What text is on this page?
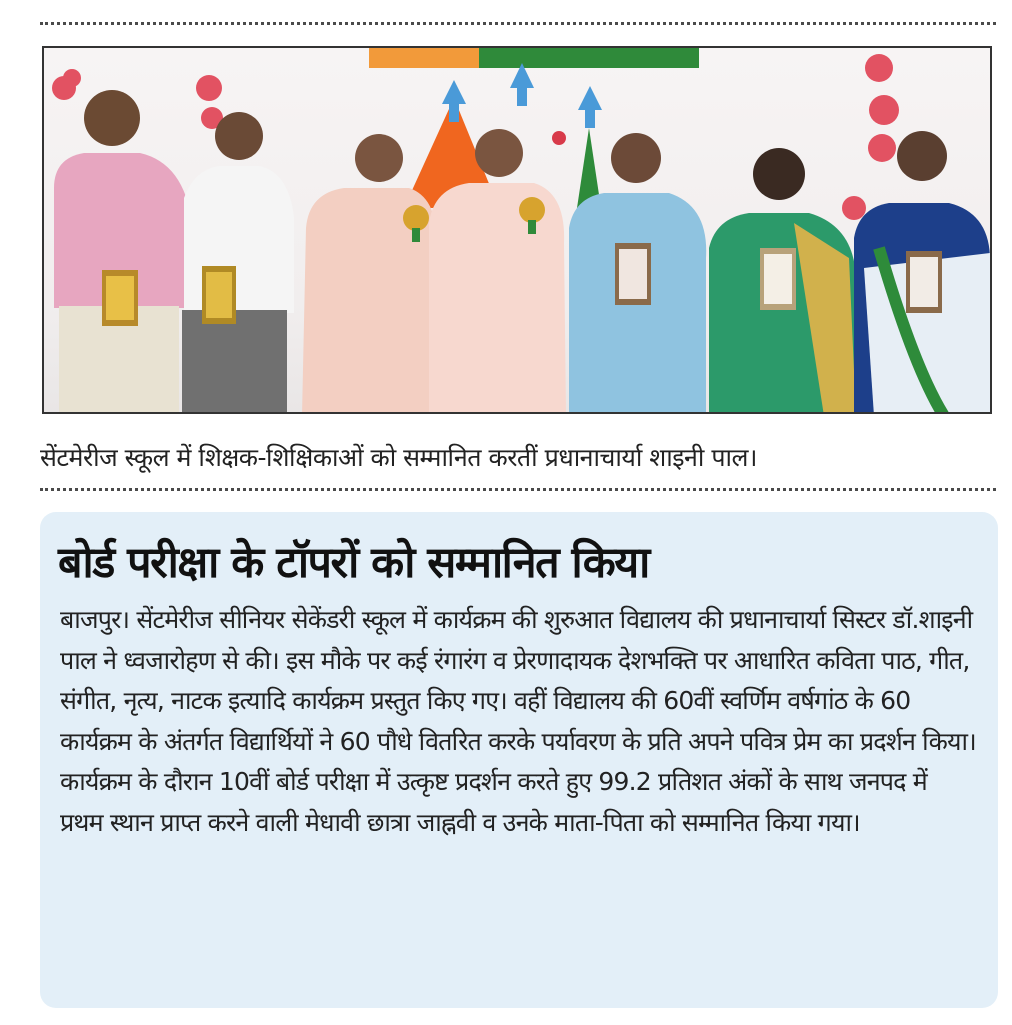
सेंटमेरीज स्कूल में शिक्षक-शिक्षिकाओं को सम्मानित करतीं प्रधानाचार्या शाइनी पाल।
बोर्ड परीक्षा के टॉपरों को सम्मानित किया

बाजपुर। सेंटमेरीज सीनियर सेकेंडरी स्कूल में कार्यक्रम की शुरुआत विद्यालय की प्रधानाचार्या सिस्टर डॉ.शाइनी पाल ने ध्वजारोहण से की। इस मौके पर कई रंगारंग व प्रेरणादायक देशभक्ति पर आधारित कविता पाठ, गीत, संगीत, नृत्य, नाटक इत्यादि कार्यक्रम प्रस्तुत किए गए। वहीं विद्यालय की 60वीं स्वर्णिम वर्षगांठ के 60 कार्यक्रम के अंतर्गत विद्यार्थियों ने 60 पौधे वितरित करके पर्यावरण के प्रति अपने पवित्र प्रेम का प्रदर्शन किया। कार्यक्रम के दौरान 10वीं बोर्ड परीक्षा में उत्कृष्ट प्रदर्शन करते हुए 99.2 प्रतिशत अंकों के साथ जनपद में प्रथम स्थान प्राप्त करने वाली मेधावी छात्रा जाह्नवी व उनके माता-पिता को सम्मानित किया गया।
